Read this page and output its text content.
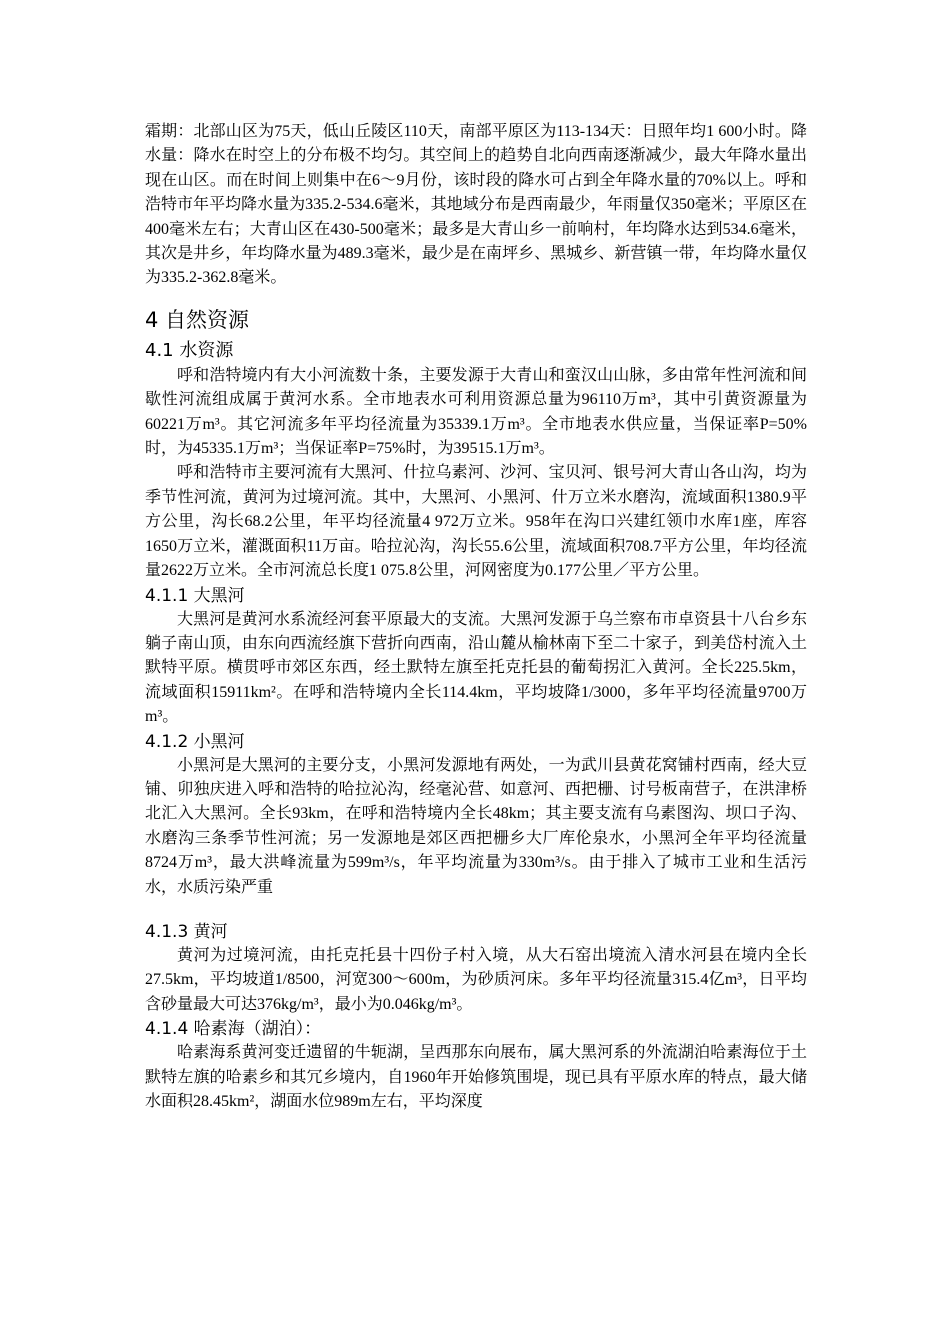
霜期：北部山区为75天，低山丘陵区110天，南部平原区为113-134天：日照年均1 600小时。降水量：降水在时空上的分布极不均匀。其空间上的趋势自北向西南逐渐减少，最大年降水量出现在山区。而在时间上则集中在6～9月份，该时段的降水可占到全年降水量的70%以上。呼和浩特市年平均降水量为335.2-534.6毫米，其地域分布是西南最少，年雨量仅350毫米；平原区在400毫米左右；大青山区在430-500毫米；最多是大青山乡一前响村，年均降水达到534.6毫米，其次是井乡，年均降水量为489.3毫米，最少是在南坪乡、黑城乡、新营镇一带，年均降水量仅为335.2-362.8毫米。

4 自然资源
4.1 水资源

呼和浩特境内有大小河流数十条，主要发源于大青山和蛮汉山山脉，多由常年性河流和间歇性河流组成属于黄河水系。全市地表水可利用资源总量为96110万m³，其中引黄资源量为60221万m³。其它河流多年平均径流量为35339.1万m³。全市地表水供应量，当保证率P=50%时，为45335.1万m³；当保证率P=75%时，为39515.1万m³。

呼和浩特市主要河流有大黑河、什拉乌素河、沙河、宝贝河、银号河大青山各山沟，均为季节性河流，黄河为过境河流。其中，大黑河、小黑河、什万立米水磨沟，流域面积1380.9平方公里，沟长68.2公里，年平均径流量4 972万立米。958年在沟口兴建红领巾水库1座，库容1650万立米，灌溉面积11万亩。哈拉沁沟，沟长55.6公里，流域面积708.7平方公里，年均径流量2622万立米。全市河流总长度1 075.8公里，河网密度为0.177公里／平方公里。

4.1.1 大黑河

大黑河是黄河水系流经河套平原最大的支流。大黑河发源于乌兰察布市卓资县十八台乡东躺子南山顶，由东向西流经旗下营折向西南，沿山麓从榆林南下至二十家子，到美岱村流入土默特平原。横贯呼市郊区东西，经土默特左旗至托克托县的葡萄拐汇入黄河。全长225.5km，流域面积15911km²。在呼和浩特境内全长114.4km，平均坡降1/3000，多年平均径流量9700万m³。

4.1.2 小黑河

小黑河是大黑河的主要分支，小黑河发源地有两处，一为武川县黄花窝铺村西南，经大豆铺、卯独庆进入呼和浩特的哈拉沁沟，经毫沁营、如意河、西把栅、讨号板南营子，在洪津桥北汇入大黑河。全长93km，在呼和浩特境内全长48km；其主要支流有乌素图沟、坝口子沟、水磨沟三条季节性河流；另一发源地是郊区西把栅乡大厂库伦泉水，小黑河全年平均径流量8724万m³，最大洪峰流量为599m³/s，年平均流量为330m³/s。由于排入了城市工业和生活污水，水质污染严重

4.1.3 黄河

黄河为过境河流，由托克托县十四份子村入境，从大石窑出境流入清水河县在境内全长27.5km，平均坡道1/8500，河宽300～600m，为砂质河床。多年平均径流量315.4亿m³，日平均含砂量最大可达376kg/m³，最小为0.046kg/m³。

4.1.4 哈素海（湖泊）：

哈素海系黄河变迁遗留的牛轭湖，呈西那东向展布，属大黑河系的外流湖泊哈素海位于土默特左旗的哈素乡和其冗乡境内，自1960年开始修筑围堤，现已具有平原水库的特点，最大储水面积28.45km²，湖面水位989m左右，平均深度
